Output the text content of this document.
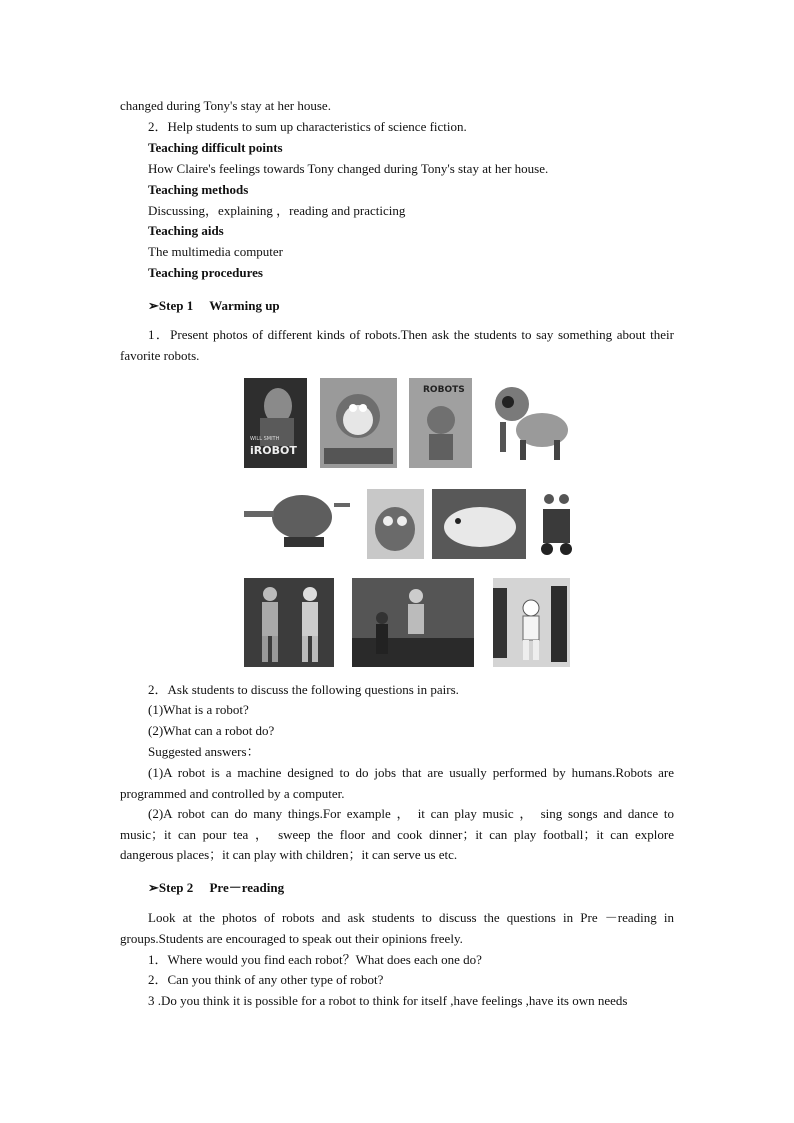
changed during Tony's stay at her house.
2．Help students to sum up characteristics of science fiction.
Teaching difficult points
How Claire's feelings towards Tony changed during Tony's stay at her house.
Teaching methods
Discussing，explaining ，reading and practicing
Teaching aids
The multimedia computer
Teaching procedures
➢Step 1　 Warming up
1．Present photos of different kinds of robots.Then ask the students to say something about their favorite robots.
WILL SMITH
iROBOT
ROBOTS
2．Ask students to discuss the following questions in pairs.
(1)What is a robot?
(2)What can a robot do?
Suggested answers：
(1)A robot is a machine designed to do jobs that are usually performed by humans.Robots are programmed and controlled by a computer.
(2)A robot can do many things.For example ， it can play music ， sing songs and dance to music；it can pour tea ， sweep the floor and cook dinner；it can play football；it can explore dangerous places；it can play with children；it can serve us etc.
➢Step 2　 Pre－reading
Look at the photos of robots and ask students to discuss the questions in Pre －reading in groups.Students are encouraged to speak out their opinions freely.
1．Where would you find each robot？What does each one do?
2．Can you think of any other type of robot?
3 .Do you think it is possible for a robot to think for itself ,have feelings ,have its own needs
